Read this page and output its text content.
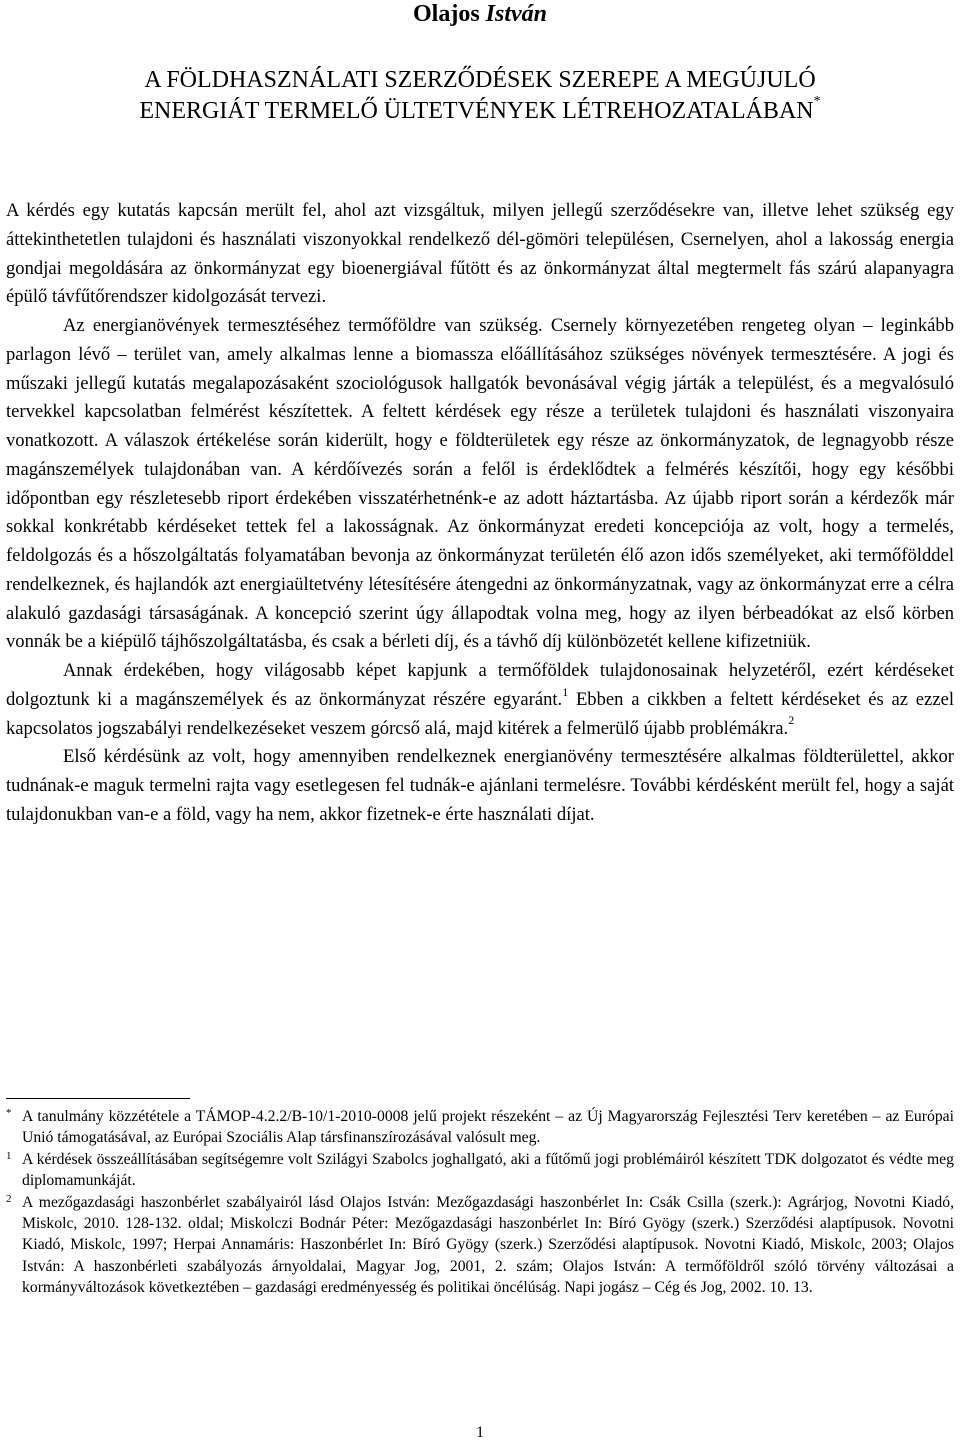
Olajos István
A FÖLDHASZNÁLATI SZERZŐDÉSEK SZEREPE A MEGÚJULÓ
ENERGIÁT TERMELŐ ÜLTETVÉNYEK LÉTREHOZATALÁBAN*

A kérdés egy kutatás kapcsán merült fel, ahol azt vizsgáltuk, milyen jellegű szerződésekre van, illetve lehet szükség egy áttekinthetetlen tulajdoni és használati viszonyokkal rendelkező dél-gömöri településen, Csernelyen, ahol a lakosság energia gondjai megoldására az önkormányzat egy bioenergiával fűtött és az önkormányzat által megtermelt fás szárú alapanyagra épülő távfűtőrendszer kidolgozását tervezi.

Az energianövények termesztéséhez termőföldre van szükség. Csernely környezetében rengeteg olyan – leginkább parlagon lévő – terület van, amely alkalmas lenne a biomassza előállításához szükséges növények termesztésére. A jogi és műszaki jellegű kutatás megalapozásaként szociológusok hallgatók bevonásával végig járták a települést, és a megvalósuló tervekkel kapcsolatban felmérést készítettek. A feltett kérdések egy része a területek tulajdoni és használati viszonyaira vonatkozott. A válaszok értékelése során kiderült, hogy e földterületek egy része az önkormányzatok, de legnagyobb része magánszemélyek tulajdonában van. A kérdőívezés során a felől is érdeklődtek a felmérés készítői, hogy egy későbbi időpontban egy részletesebb riport érdekében visszatérhetnénk-e az adott háztartásba. Az újabb riport során a kérdezők már sokkal konkrétabb kérdéseket tettek fel a lakosságnak. Az önkormányzat eredeti koncepciója az volt, hogy a termelés, feldolgozás és a hőszolgáltatás folyamatában bevonja az önkormányzat területén élő azon idős személyeket, aki termőfölddel rendelkeznek, és hajlandók azt energiaültetvény létesítésére átengedni az önkormányzatnak, vagy az önkormányzat erre a célra alakuló gazdasági társaságának. A koncepció szerint úgy állapodtak volna meg, hogy az ilyen bérbeadókat az első körben vonnák be a kiépülő tájhőszolgáltatásba, és csak a bérleti díj, és a távhő díj különbözetét kellene kifizetniük.

Annak érdekében, hogy világosabb képet kapjunk a termőföldek tulajdonosainak helyzetéről, ezért kérdéseket dolgoztunk ki a magánszemélyek és az önkormányzat részére egyaránt.$^1$ Ebben a cikkben a feltett kérdéseket és az ezzel kapcsolatos jogszabályi rendelkezéseket veszem górcső alá, majd kitérek a felmerülő újabb problémákra.$^2$

Első kérdésünk az volt, hogy amennyiben rendelkeznek energianövény termesztésére alkalmas földterülettel, akkor tudnának-e maguk termelni rajta vagy esetlegesen fel tudnák-e ajánlani termelésre. További kérdésként merült fel, hogy a saját tulajdonukban van-e a föld, vagy ha nem, akkor fizetnek-e érte használati díjat.

* A tanulmány közzététele a TÁMOP-4.2.2/B-10/1-2010-0008 jelű projekt részeként – az Új Magyarország Fejlesztési Terv keretében – az Európai Unió támogatásával, az Európai Szociális Alap társfinanszírozásával valósult meg.

1 A kérdések összeállításában segítségemre volt Szilágyi Szabolcs joghallgató, aki a fűtőmű jogi problémáiról készített TDK dolgozatot és védte meg diplomamunkáját.

2 A mezőgazdasági haszonbérlet szabályairól lásd Olajos István: Mezőgazdasági haszonbérlet In: Csák Csilla (szerk.): Agrárjog, Novotni Kiadó, Miskolc, 2010. 128-132. oldal; Miskolczi Bodnár Péter: Mezőgazdasági haszonbérlet In: Bíró Gyögy (szerk.) Szerződési alaptípusok. Novotni Kiadó, Miskolc, 1997; Herpai Annamáris: Haszonbérlet In: Bíró Gyögy (szerk.) Szerződési alaptípusok. Novotni Kiadó, Miskolc, 2003; Olajos István: A haszonbérleti szabályozás árnyoldalai, Magyar Jog, 2001, 2. szám; Olajos István: A termőföldről szóló törvény változásai a kormányváltozások következtében – gazdasági eredményesség és politikai öncélúság. Napi jogász – Cég és Jog, 2002. 10. 13.

1
